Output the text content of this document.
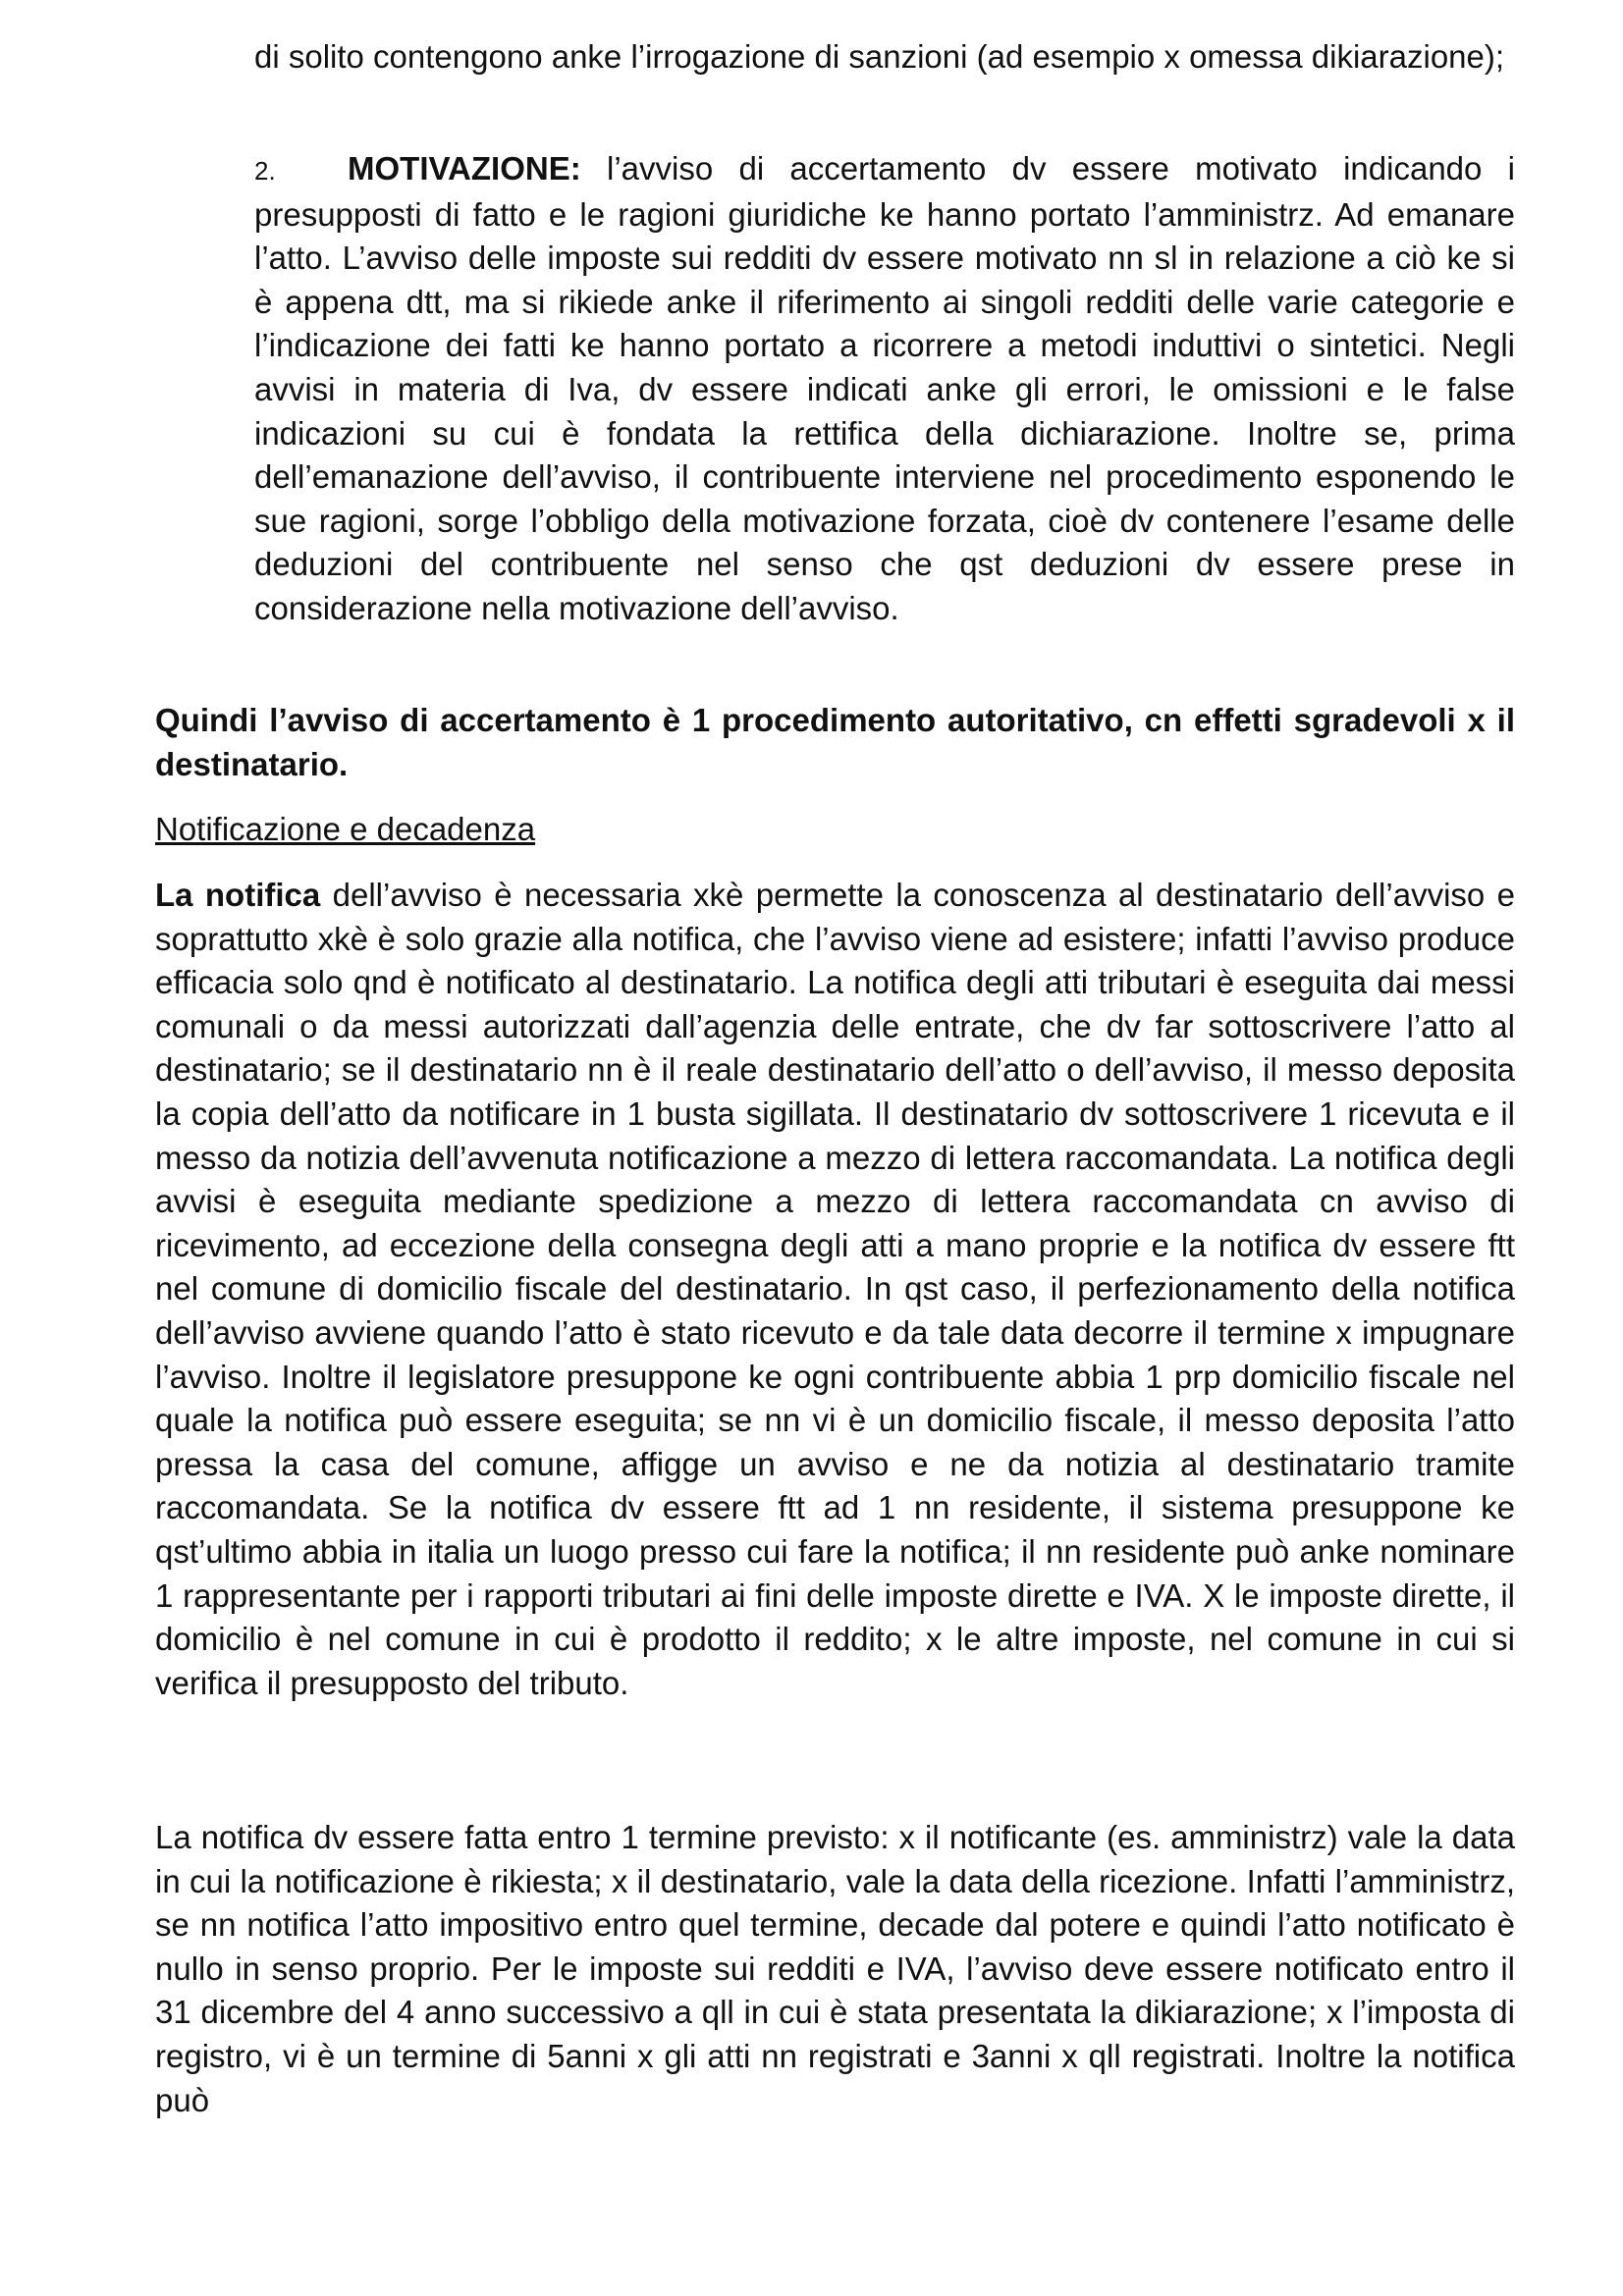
di solito contengono anke l’irrogazione di sanzioni (ad esempio x omessa dikiarazione);

2. MOTIVAZIONE: l’avviso di accertamento dv essere motivato indicando i presupposti di fatto e le ragioni giuridiche ke hanno portato l’amministrz. Ad emanare l’atto. L’avviso delle imposte sui redditi dv essere motivato nn sl in relazione a ciò ke si è appena dtt, ma si rikiede anke il riferimento ai singoli redditi delle varie categorie e l’indicazione dei fatti ke hanno portato a ricorrere a metodi induttivi o sintetici. Negli avvisi in materia di Iva, dv essere indicati anke gli errori, le omissioni e le false indicazioni su cui è fondata la rettifica della dichiarazione. Inoltre se, prima dell’emanazione dell’avviso, il contribuente interviene nel procedimento esponendo le sue ragioni, sorge l’obbligo della motivazione forzata, cioè dv contenere l’esame delle deduzioni del contribuente nel senso che qst deduzioni dv essere prese in considerazione nella motivazione dell’avviso.

Quindi l’avviso di accertamento è 1 procedimento autoritativo, cn effetti sgradevoli x il destinatario.

Notificazione e decadenza

La notifica dell’avviso è necessaria xkè permette la conoscenza al destinatario dell’avviso e soprattutto xkè è solo grazie alla notifica, che l’avviso viene ad esistere; infatti l’avviso produce efficacia solo qnd è notificato al destinatario. La notifica degli atti tributari è eseguita dai messi comunali o da messi autorizzati dall’agenzia delle entrate, che dv far sottoscrivere l’atto al destinatario; se il destinatario nn è il reale destinatario dell’atto o dell’avviso, il messo deposita la copia dell’atto da notificare in 1 busta sigillata. Il destinatario dv sottoscrivere 1 ricevuta e il messo da notizia dell’avvenuta notificazione a mezzo di lettera raccomandata. La notifica degli avvisi è eseguita mediante spedizione a mezzo di lettera raccomandata cn avviso di ricevimento, ad eccezione della consegna degli atti a mano proprie e la notifica dv essere ftt nel comune di domicilio fiscale del destinatario. In qst caso, il perfezionamento della notifica dell’avviso avviene quando l’atto è stato ricevuto e da tale data decorre il termine x impugnare l’avviso. Inoltre il legislatore presuppone ke ogni contribuente abbia 1 prp domicilio fiscale nel quale la notifica può essere eseguita; se nn vi è un domicilio fiscale, il messo deposita l’atto pressa la casa del comune, affigge un avviso e ne da notizia al destinatario tramite raccomandata. Se la notifica dv essere ftt ad 1 nn residente, il sistema presuppone ke qst’ultimo abbia in italia un luogo presso cui fare la notifica; il nn residente può anke nominare 1 rappresentante per i rapporti tributari ai fini delle imposte dirette e IVA. X le imposte dirette, il domicilio è nel comune in cui è prodotto il reddito; x le altre imposte, nel comune in cui si verifica il presupposto del tributo.

La notifica dv essere fatta entro 1 termine previsto: x il notificante (es. amministrz) vale la data in cui la notificazione è rikiesta; x il destinatario, vale la data della ricezione. Infatti l’amministrz, se nn notifica l’atto impositivo entro quel termine, decade dal potere e quindi l’atto notificato è nullo in senso proprio. Per le imposte sui redditi e IVA, l’avviso deve essere notificato entro il 31 dicembre del 4 anno successivo a qll in cui è stata presentata la dikiarazione; x l’imposta di registro, vi è un termine di 5anni x gli atti nn registrati e 3anni x qll registrati. Inoltre la notifica può
